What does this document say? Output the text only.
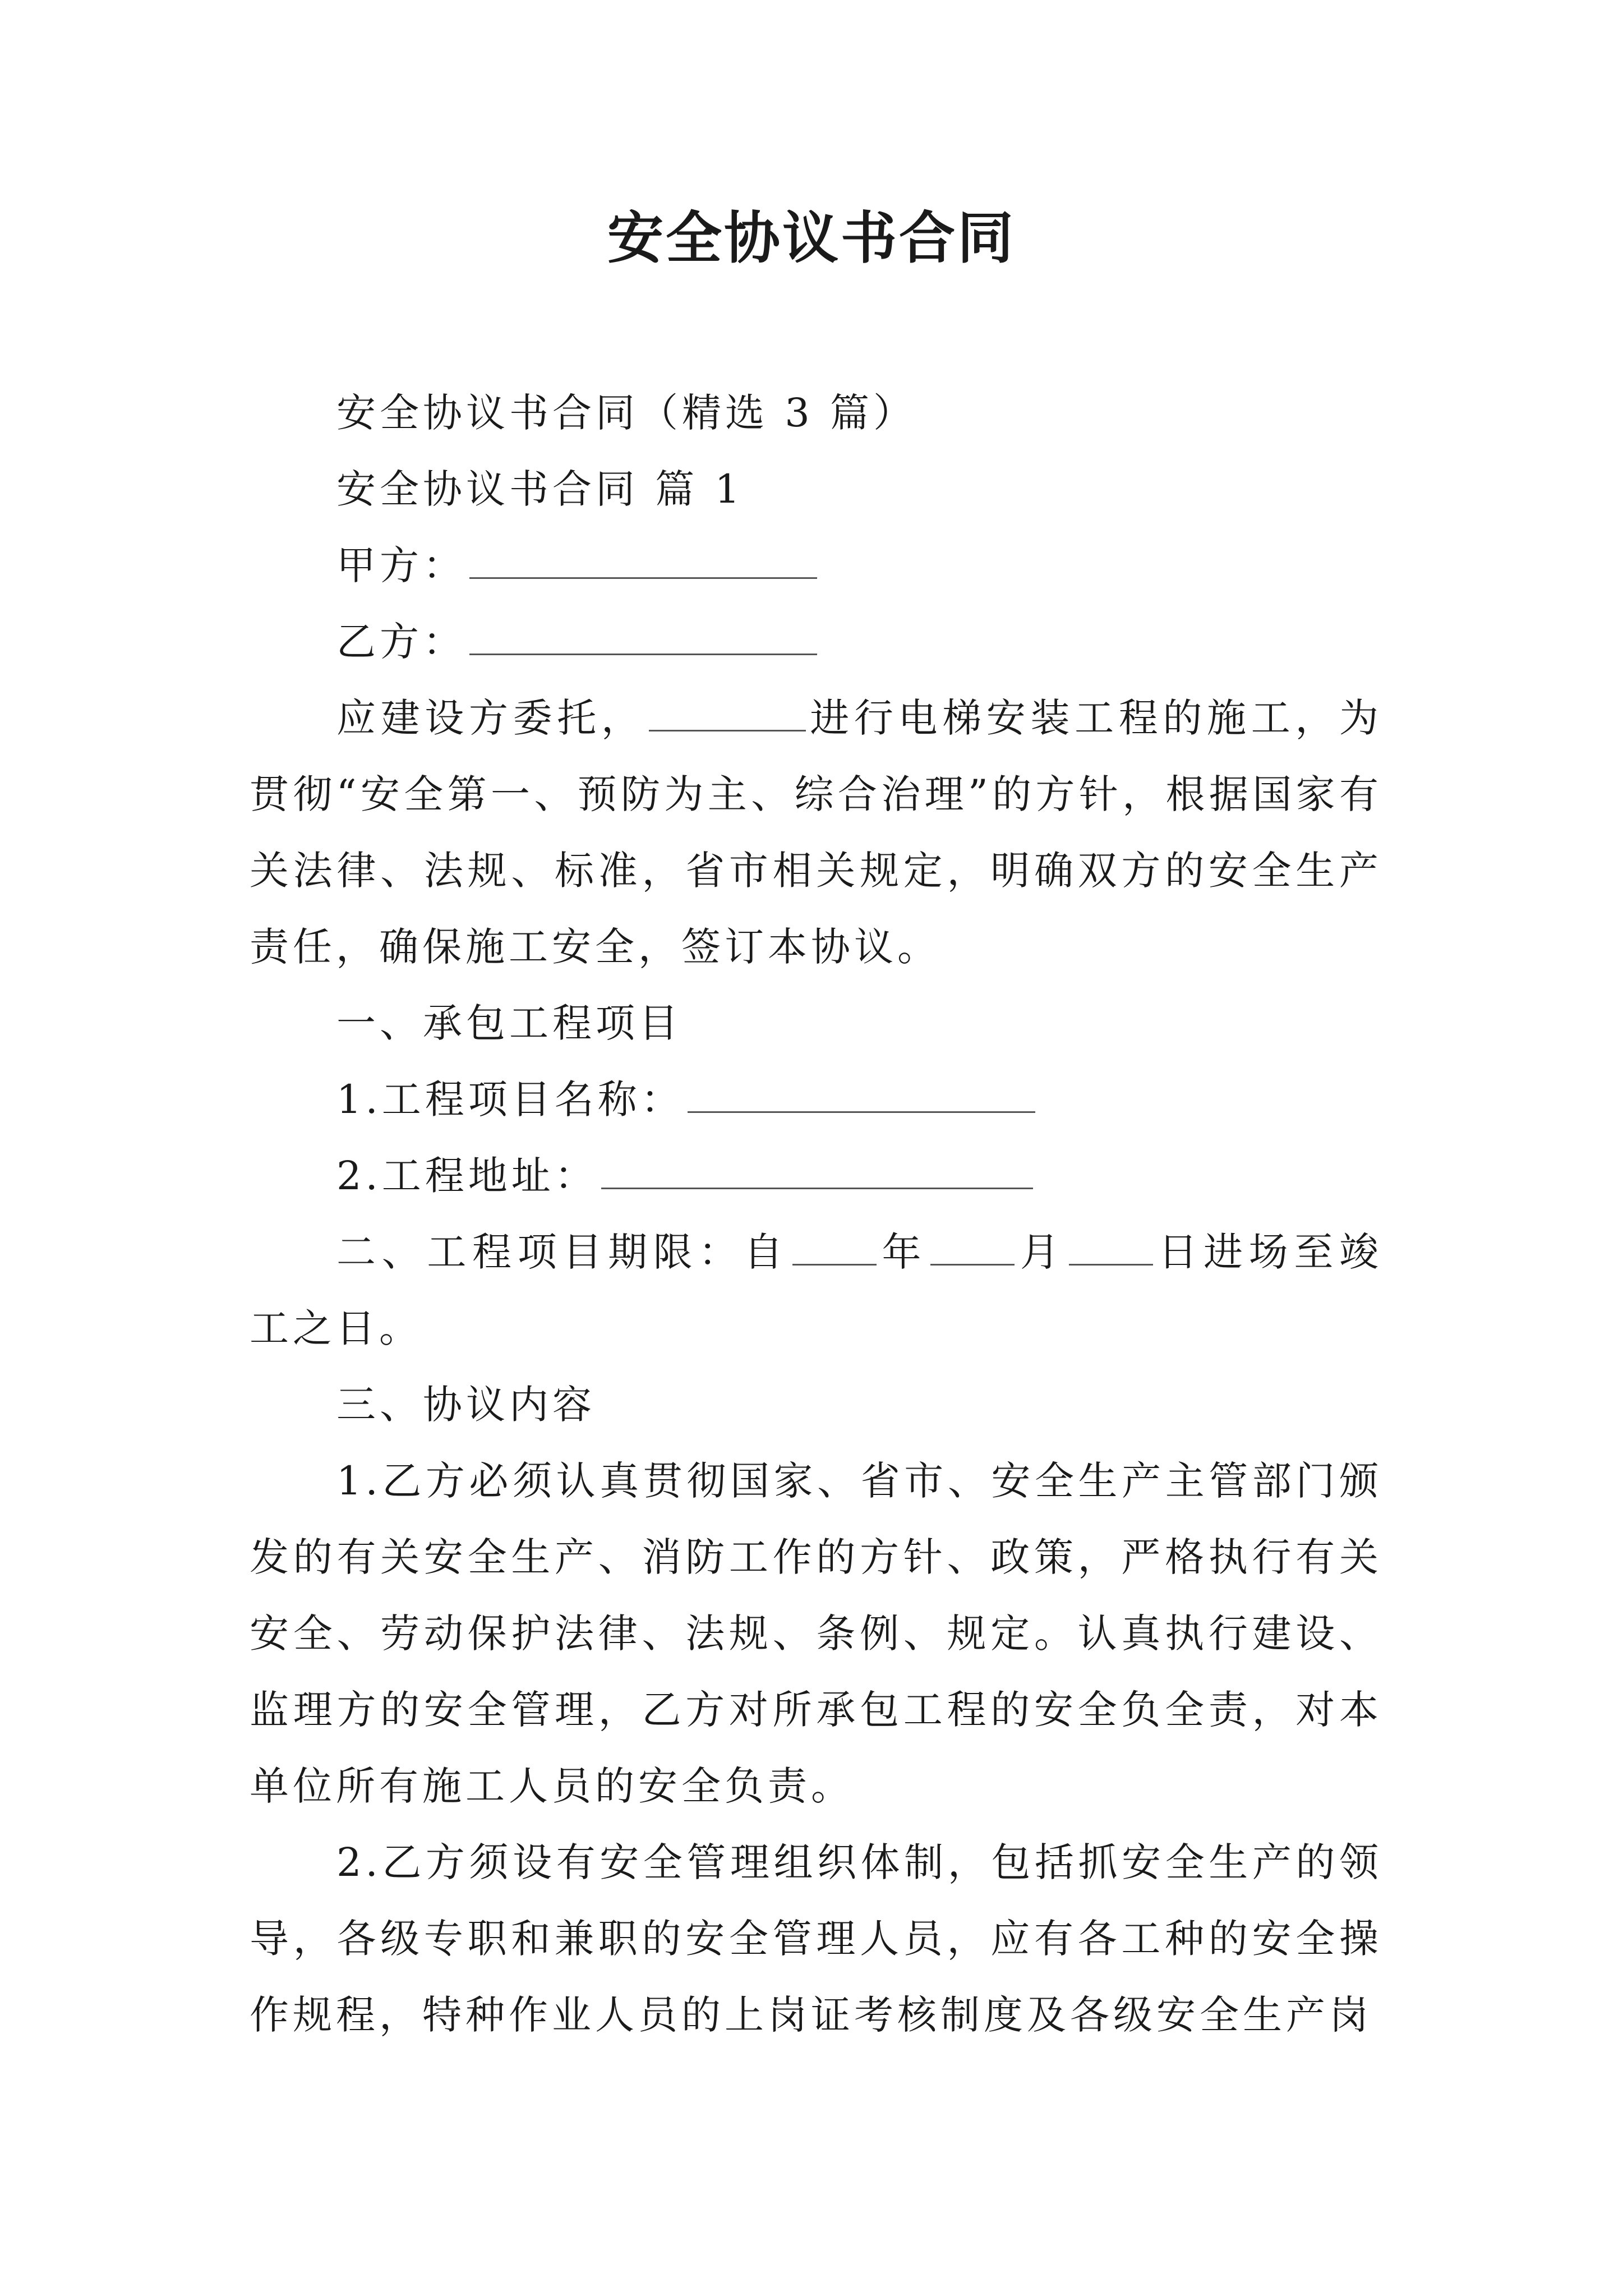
安全协议书合同

安全协议书合同（精选 3 篇）

安全协议书合同 篇 1

甲方：

乙方：

应建设方委托，	进行电梯安装工程的施工，为贯彻“安全第一、预防为主、综合治理”的方针，根据国家有关法律、法规、标准，省市相关规定，明确双方的安全生产责任，确保施工安全，签订本协议。

一、承包工程项目

1.工程项目名称：

2.工程地址：

二、工程项目期限：自 年 月 日进场至竣工之日。

三、协议内容

1.乙方必须认真贯彻国家、省市、安全生产主管部门颁发的有关安全生产、消防工作的方针、政策，严格执行有关安全、劳动保护法律、法规、条例、规定。认真执行建设、监理方的安全管理，乙方对所承包工程的安全负全责，对本单位所有施工人员的安全负责。

2.乙方须设有安全管理组织体制，包括抓安全生产的领导，各级专职和兼职的安全管理人员，应有各工种的安全操作规程，特种作业人员的上岗证考核制度及各级安全生产岗
